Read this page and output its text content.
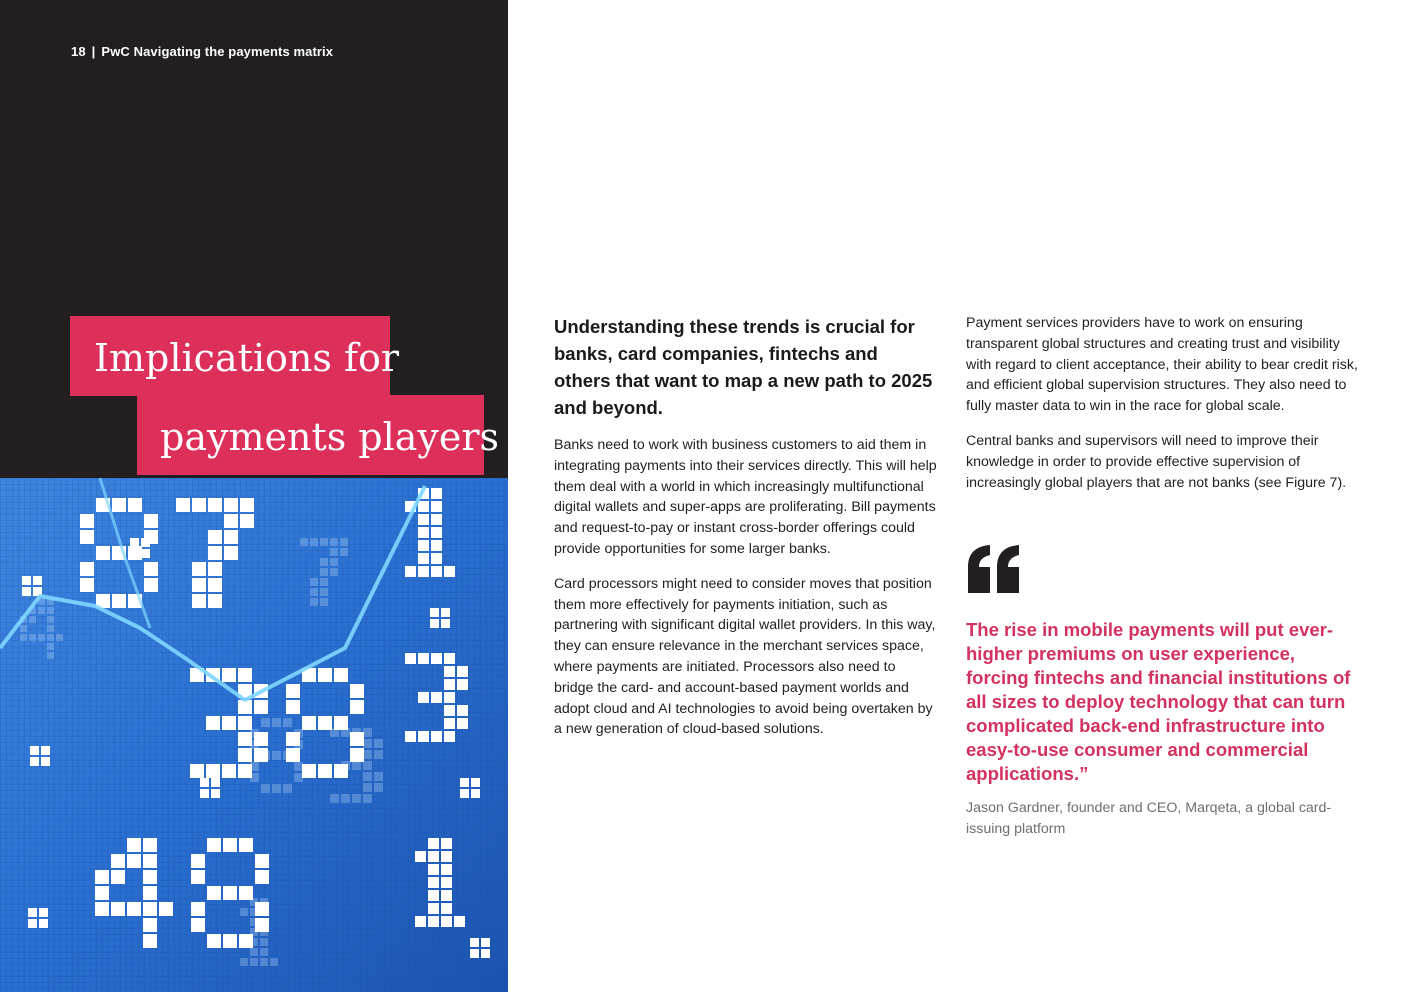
18 | PwC Navigating the payments matrix
Implications for
payments players

Understanding these trends is crucial for banks, card companies, fintechs and others that want to map a new path to 2025 and beyond.

Banks need to work with business customers to aid them in integrating payments into their services directly. This will help them deal with a world in which increasingly multifunctional digital wallets and super-apps are proliferating. Bill payments and request-to-pay or instant cross-border offerings could provide opportunities for some larger banks.

Card processors might need to consider moves that position them more effectively for payments initiation, such as partnering with significant digital wallet providers. In this way, they can ensure relevance in the merchant services space, where payments are initiated. Processors also need to bridge the card- and account-based payment worlds and adopt cloud and AI technologies to avoid being overtaken by a new generation of cloud-based solutions.

Payment services providers have to work on ensuring transparent global structures and creating trust and visibility with regard to client acceptance, their ability to bear credit risk, and efficient global supervision structures. They also need to fully master data to win in the race for global scale.

Central banks and supervisors will need to improve their knowledge in order to provide effective supervision of increasingly global players that are not banks (see Figure 7).

The rise in mobile payments will put ever-higher premiums on user experience, forcing fintechs and financial institutions of all sizes to deploy technology that can turn complicated back-end infrastructure into easy-to-use consumer and commercial applications.”
Jason Gardner, founder and CEO, Marqeta, a global card-issuing platform
